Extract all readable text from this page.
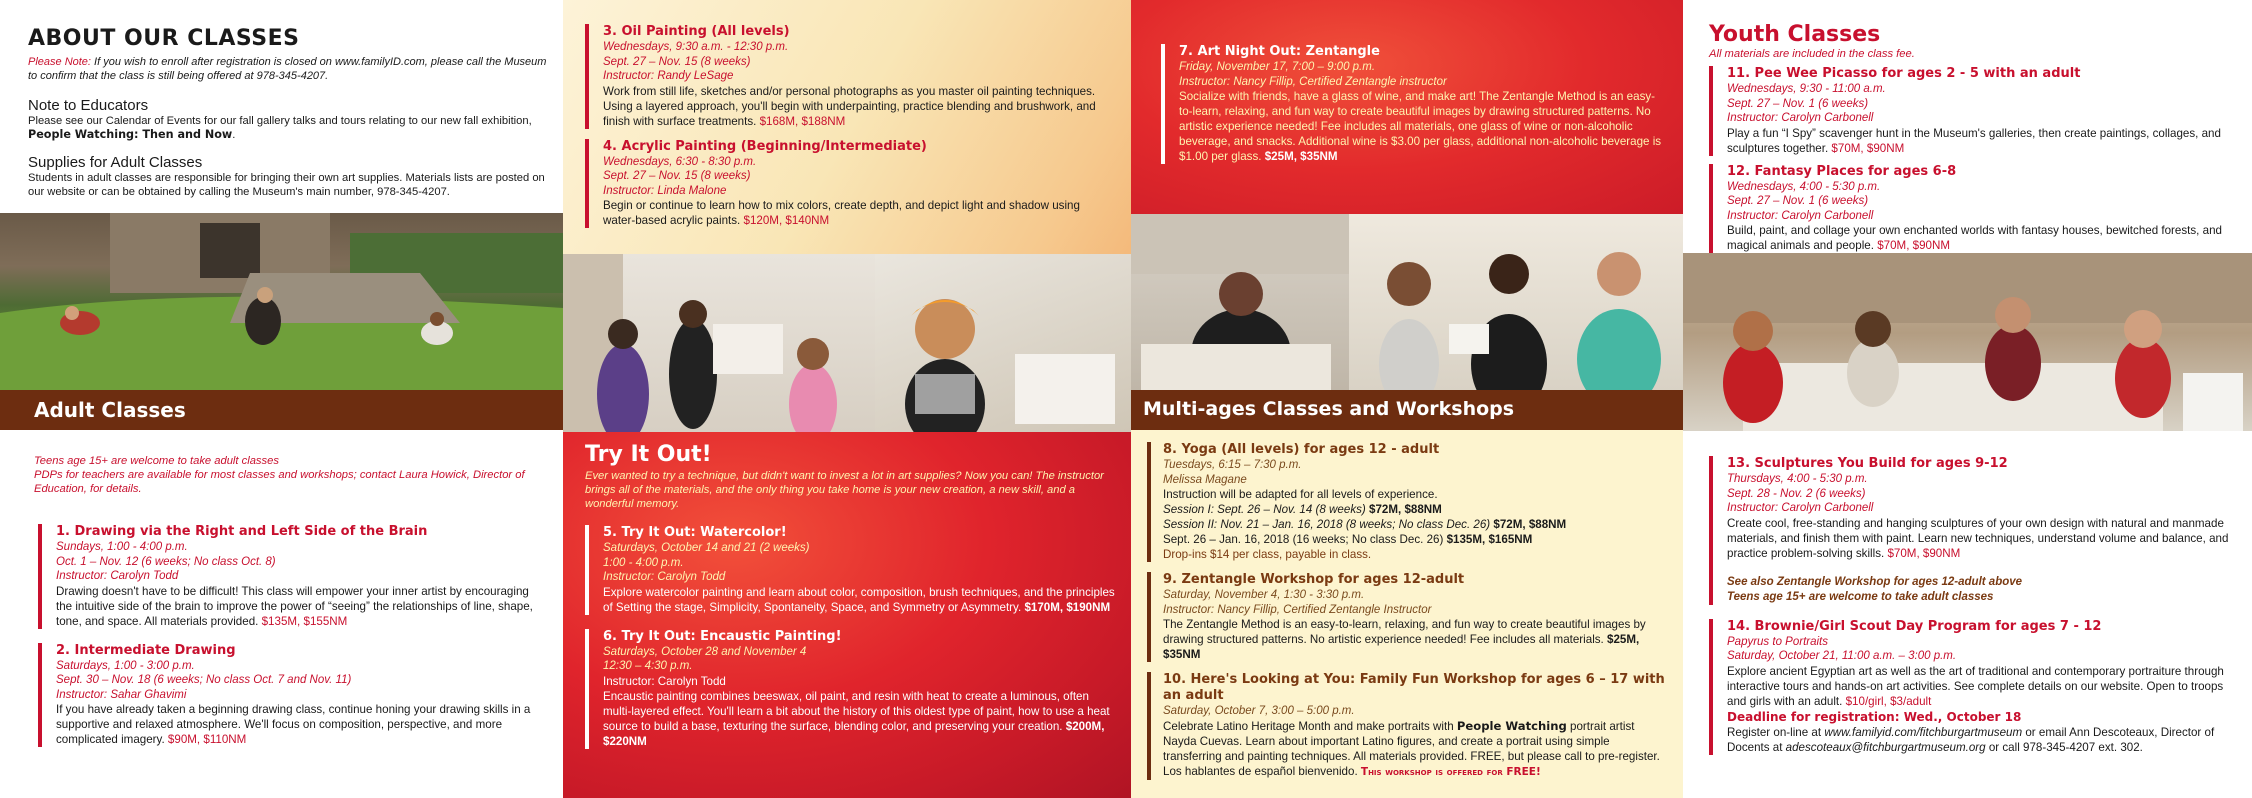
ABOUT OUR CLASSES
Please Note: If you wish to enroll after registration is closed on www.familyID.com, please call the Museum to confirm that the class is still being offered at 978-345-4207.
Note to Educators
Please see our Calendar of Events for our fall gallery talks and tours relating to our new fall exhibition, People Watching: Then and Now.
Supplies for Adult Classes
Students in adult classes are responsible for bringing their own art supplies. Materials lists are posted on our website or can be obtained by calling the Museum's main number, 978-345-4207.
Adult Classes
Teens age 15+ are welcome to take adult classes
PDPs for teachers are available for most classes and workshops; contact Laura Howick, Director of Education, for details.
1. Drawing via the Right and Left Side of the Brain
Sundays, 1:00 - 4:00 p.m.
Oct. 1 – Nov. 12 (6 weeks; No class Oct. 8)
Instructor: Carolyn Todd
Drawing doesn't have to be difficult! This class will empower your inner artist by encouraging the intuitive side of the brain to improve the power of “seeing” the relationships of line, shape, tone, and space. All materials provided. $135M, $155NM
2. Intermediate Drawing
Saturdays, 1:00 - 3:00 p.m.
Sept. 30 – Nov. 18 (6 weeks; No class Oct. 7 and Nov. 11)
Instructor: Sahar Ghavimi
If you have already taken a beginning drawing class, continue honing your drawing skills in a supportive and relaxed atmosphere. We'll focus on composition, perspective, and more complicated imagery. $90M, $110NM
3. Oil Painting (All levels)
Wednesdays, 9:30 a.m. - 12:30 p.m.
Sept. 27 – Nov. 15 (8 weeks)
Instructor: Randy LeSage
Work from still life, sketches and/or personal photographs as you master oil painting techniques. Using a layered approach, you'll begin with underpainting, practice blending and brushwork, and finish with surface treatments. $168M, $188NM
4. Acrylic Painting (Beginning/Intermediate)
Wednesdays, 6:30 - 8:30 p.m.
Sept. 27 – Nov. 15 (8 weeks)
Instructor: Linda Malone
Begin or continue to learn how to mix colors, create depth, and depict light and shadow using water-based acrylic paints. $120M, $140NM
Try It Out!
Ever wanted to try a technique, but didn't want to invest a lot in art supplies? Now you can! The instructor brings all of the materials, and the only thing you take home is your new creation, a new skill, and a wonderful memory.
5. Try It Out: Watercolor!
Saturdays, October 14 and 21 (2 weeks)
1:00 - 4:00 p.m.
Instructor: Carolyn Todd
Explore watercolor painting and learn about color, composition, brush techniques, and the principles of Setting the stage, Simplicity, Spontaneity, Space, and Symmetry or Asymmetry. $170M, $190NM
6. Try It Out: Encaustic Painting!
Saturdays, October 28 and November 4
12:30 – 4:30 p.m.
Instructor: Carolyn Todd
Encaustic painting combines beeswax, oil paint, and resin with heat to create a luminous, often multi-layered effect. You'll learn a bit about the history of this oldest type of paint, how to use a heat source to build a base, texturing the surface, blending color, and preserving your creation. $200M, $220NM
7. Art Night Out: Zentangle
Friday, November 17, 7:00 – 9:00 p.m.
Instructor: Nancy Fillip, Certified Zentangle instructor
Socialize with friends, have a glass of wine, and make art! The Zentangle Method is an easy-to-learn, relaxing, and fun way to create beautiful images by drawing structured patterns. No artistic experience needed! Fee includes all materials, one glass of wine or non-alcoholic beverage, and snacks. Additional wine is $3.00 per glass, additional non-alcoholic beverage is $1.00 per glass. $25M, $35NM
Multi-ages Classes and Workshops
8. Yoga (All levels) for ages 12 - adult
Tuesdays, 6:15 – 7:30 p.m.
Melissa Magane
Instruction will be adapted for all levels of experience.
Session I: Sept. 26 – Nov. 14 (8 weeks) $72M, $88NM
Session II: Nov. 21 – Jan. 16, 2018 (8 weeks; No class Dec. 26) $72M, $88NM
Sept. 26 – Jan. 16, 2018 (16 weeks; No class Dec. 26) $135M, $165NM
Drop-ins $14 per class, payable in class.
9. Zentangle Workshop for ages 12-adult
Saturday, November 4, 1:30 - 3:30 p.m.
Instructor: Nancy Fillip, Certified Zentangle Instructor
The Zentangle Method is an easy-to-learn, relaxing, and fun way to create beautiful images by drawing structured patterns. No artistic experience needed! Fee includes all materials. $25M, $35NM
10. Here's Looking at You: Family Fun Workshop for ages 6 – 17 with an adult
Saturday, October 7, 3:00 – 5:00 p.m.
Celebrate Latino Heritage Month and make portraits with People Watching portrait artist Nayda Cuevas. Learn about important Latino figures, and create a portrait using simple transferring and painting techniques. All materials provided. FREE, but please call to pre-register. Los hablantes de español bienvenido. This workshop is offered for FREE!
Youth Classes
All materials are included in the class fee.
11. Pee Wee Picasso for ages 2 - 5 with an adult
Wednesdays, 9:30 - 11:00 a.m.
Sept. 27 – Nov. 1 (6 weeks)
Instructor: Carolyn Carbonell
Play a fun “I Spy” scavenger hunt in the Museum's galleries, then create paintings, collages, and sculptures together. $70M, $90NM
12. Fantasy Places for ages 6-8
Wednesdays, 4:00 - 5:30 p.m.
Sept. 27 – Nov. 1 (6 weeks)
Instructor: Carolyn Carbonell
Build, paint, and collage your own enchanted worlds with fantasy houses, bewitched forests, and magical animals and people. $70M, $90NM
13. Sculptures You Build for ages 9-12
Thursdays, 4:00 - 5:30 p.m.
Sept. 28 - Nov. 2 (6 weeks)
Instructor: Carolyn Carbonell
Create cool, free-standing and hanging sculptures of your own design with natural and manmade materials, and finish them with paint. Learn new techniques, understand volume and balance, and practice problem-solving skills. $70M, $90NM
See also Zentangle Workshop for ages 12-adult above
Teens age 15+ are welcome to take adult classes
14. Brownie/Girl Scout Day Program for ages 7 - 12
Papyrus to Portraits
Saturday, October 21, 11:00 a.m. – 3:00 p.m.
Explore ancient Egyptian art as well as the art of traditional and contemporary portraiture through interactive tours and hands-on art activities. See complete details on our website. Open to troops and girls with an adult. $10/girl, $3/adult
Deadline for registration: Wed., October 18
Register on-line at www.familyid.com/fitchburgartmuseum or email Ann Descoteaux, Director of Docents at adescoteaux@fitchburgartmuseum.org or call 978-345-4207 ext. 302.
